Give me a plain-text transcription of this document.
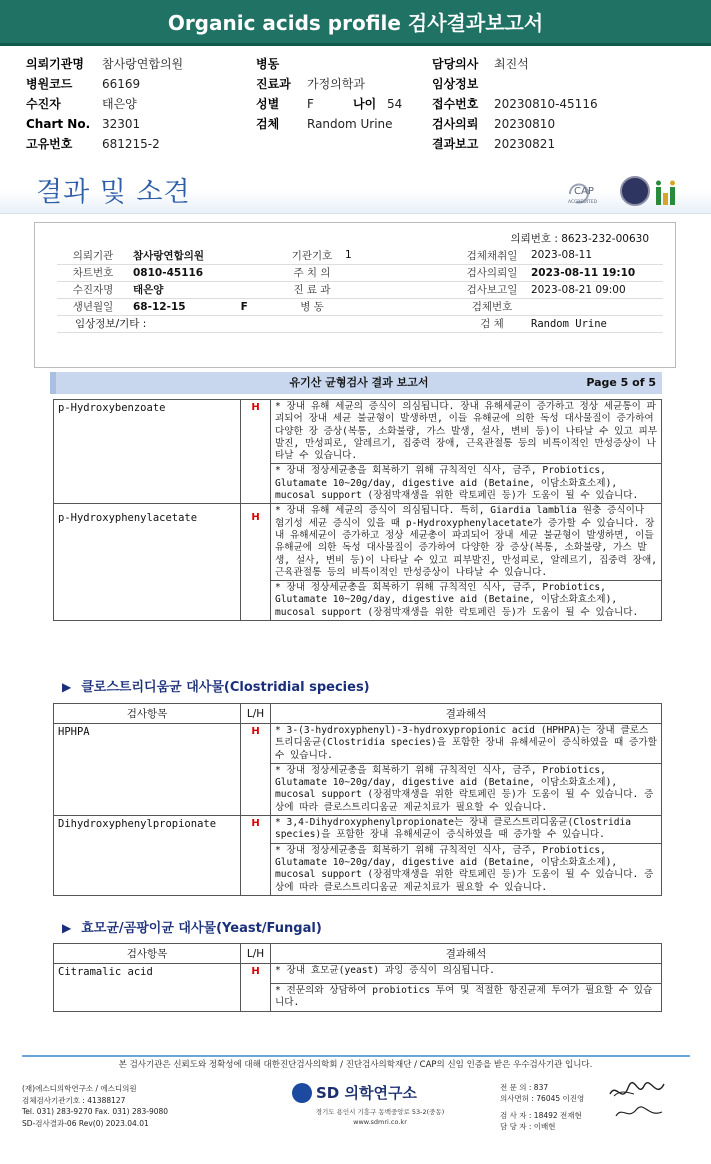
Organic acids profile 검사결과보고서
의뢰기관명 참사랑연합의원
병원코드 66169
수진자	태은양
Chart No. 32301
고유번호 681215-2
병동
진료과 가정의학과
성별 F	나이 54
검체 Random Urine
담당의사 최진석
임상정보
접수번호 20230810-45116
검사의뢰 20230810
결과보고 20230821
결과 및 소견	CAP
ACCREDITED
의뢰번호 : 8623-232-00630
의뢰기관	참사랑연합의원	기관기호	1	검체채취일	2023-08-11
차트번호	0810-45116	주 치 의		검사의뢰일	2023-08-11 19:10
수진자명	태은양	진 료 과		검사보고일	2023-08-21 09:00
생년월일	68-12-15 F	병 동		검체번호	
임상정보/기타 :				검 체	Random Urine
유기산 균형검사 결과 보고서	Page 5 of 5
p-Hydroxybenzoate	H	* 장내 유해 세균의 증식이 의심됩니다. 장내 유해세균이 증가하고 정상 세균통이 파괴되어 장내 세균 불균형이 발생하면, 이들 유해균에 의한 독성 대사물질이 증가하여 다양한 장 증상(복통, 소화불량, 가스 발생, 설사, 변비 등)이 나타날 수 있고 피부발진, 만성피로, 알레르기, 집중력 장애, 근육관절통 등의 비특이적인 만성증상이 나타날 수 있습니다.
		* 장내 정상세균총을 회복하기 위해 규칙적인 식사, 금주, Probiotics, Glutamate 10~20g/day, digestive aid (Betaine, 이담소화효소제), mucosal support (장점막재생을 위한 락토페린 등)가 도움이 될 수 있습니다.
p-Hydroxyphenylacetate	H	* 장내 유해 세균의 증식이 의심됩니다. 특히, Giardia lamblia 원충 증식이나 혐기성 세균 증식이 있을 때 p-Hydroxyphenylacetate가 증가할 수 있습니다. 장내 유해세균이 증가하고 정상 세균총이 파괴되어 장내 세균 불균형이 발생하면, 이들 유해균에 의한 독성 대사물질이 증가하여 다양한 장 증상(복통, 소화불량, 가스 발생, 설사, 변비 등)이 나타날 수 있고 피부발진, 만성피로, 알레르기, 집중력 장애, 근육관절통 등의 비특이적인 만성증상이 나타날 수 있습니다.
		* 장내 정상세균총을 회복하기 위해 규칙적인 식사, 금주, Probiotics, Glutamate 10~20g/day, digestive aid (Betaine, 이담소화효소제), mucosal support (장점막재생을 위한 락토페린 등)가 도움이 될 수 있습니다.
▶ 클로스트리디움균 대사물(Clostridial species)
검사항목	L/H	결과해석
HPHPA	H	* 3-(3-hydroxyphenyl)-3-hydroxypropionic acid (HPHPA)는 장내 클로스트리디움균(Clostridia species)을 포함한 장내 유해세균이 증식하였을 때 증가할 수 있습니다.
		* 장내 정상세균총을 회복하기 위해 규칙적인 식사, 금주, Probiotics, Glutamate 10~20g/day, digestive aid (Betaine, 이담소화효소제), mucosal support (장점막재생을 위한 락토페린 등)가 도움이 될 수 있습니다. 증상에 따라 클로스트리디움균 제균치료가 필요할 수 있습니다.
Dihydroxyphenylpropionate	H	* 3,4-Dihydroxyphenylpropionate는 장내 클로스트리디움균(Clostridia species)을 포함한 장내 유해세균이 증식하였을 때 증가할 수 있습니다.
		* 장내 정상세균총을 회복하기 위해 규칙적인 식사, 금주, Probiotics, Glutamate 10~20g/day, digestive aid (Betaine, 이담소화효소제), mucosal support (장점막재생을 위한 락토페린 등)가 도움이 될 수 있습니다. 증상에 따라 클로스트리디움균 제균치료가 필요할 수 있습니다.
▶ 효모균/곰팡이균 대사물(Yeast/Fungal)
검사항목	L/H	결과해석
Citramalic acid	H	* 장내 효모균(yeast) 과잉 증식이 의심됩니다.
		* 전문의와 상담하여 probiotics 투여 및 적절한 항진균제 투여가 필요할 수 있습니다.
본 검사기관은 신뢰도와 정확성에 대해 대한진단검사의학회 / 진단검사의학재단 / CAP의 신임 인증을 받은 우수검사기관 입니다.
(재)에스디의학연구소 / 에스디의원
검체검사기관기호 : 41388127
Tel. 031) 283-9270 Fax. 031) 283-9080
SD-검사결과-06 Rev(0) 2023.04.01
SD 의학연구소
경기도 용인시 기흥구 동백중앙로 53-2(중동)
www.sdmri.co.kr
전 문 의 : 837
의사면허 : 76045 이진영
검 사 자 : 18492 전재현
담 당 자 : 이배현
